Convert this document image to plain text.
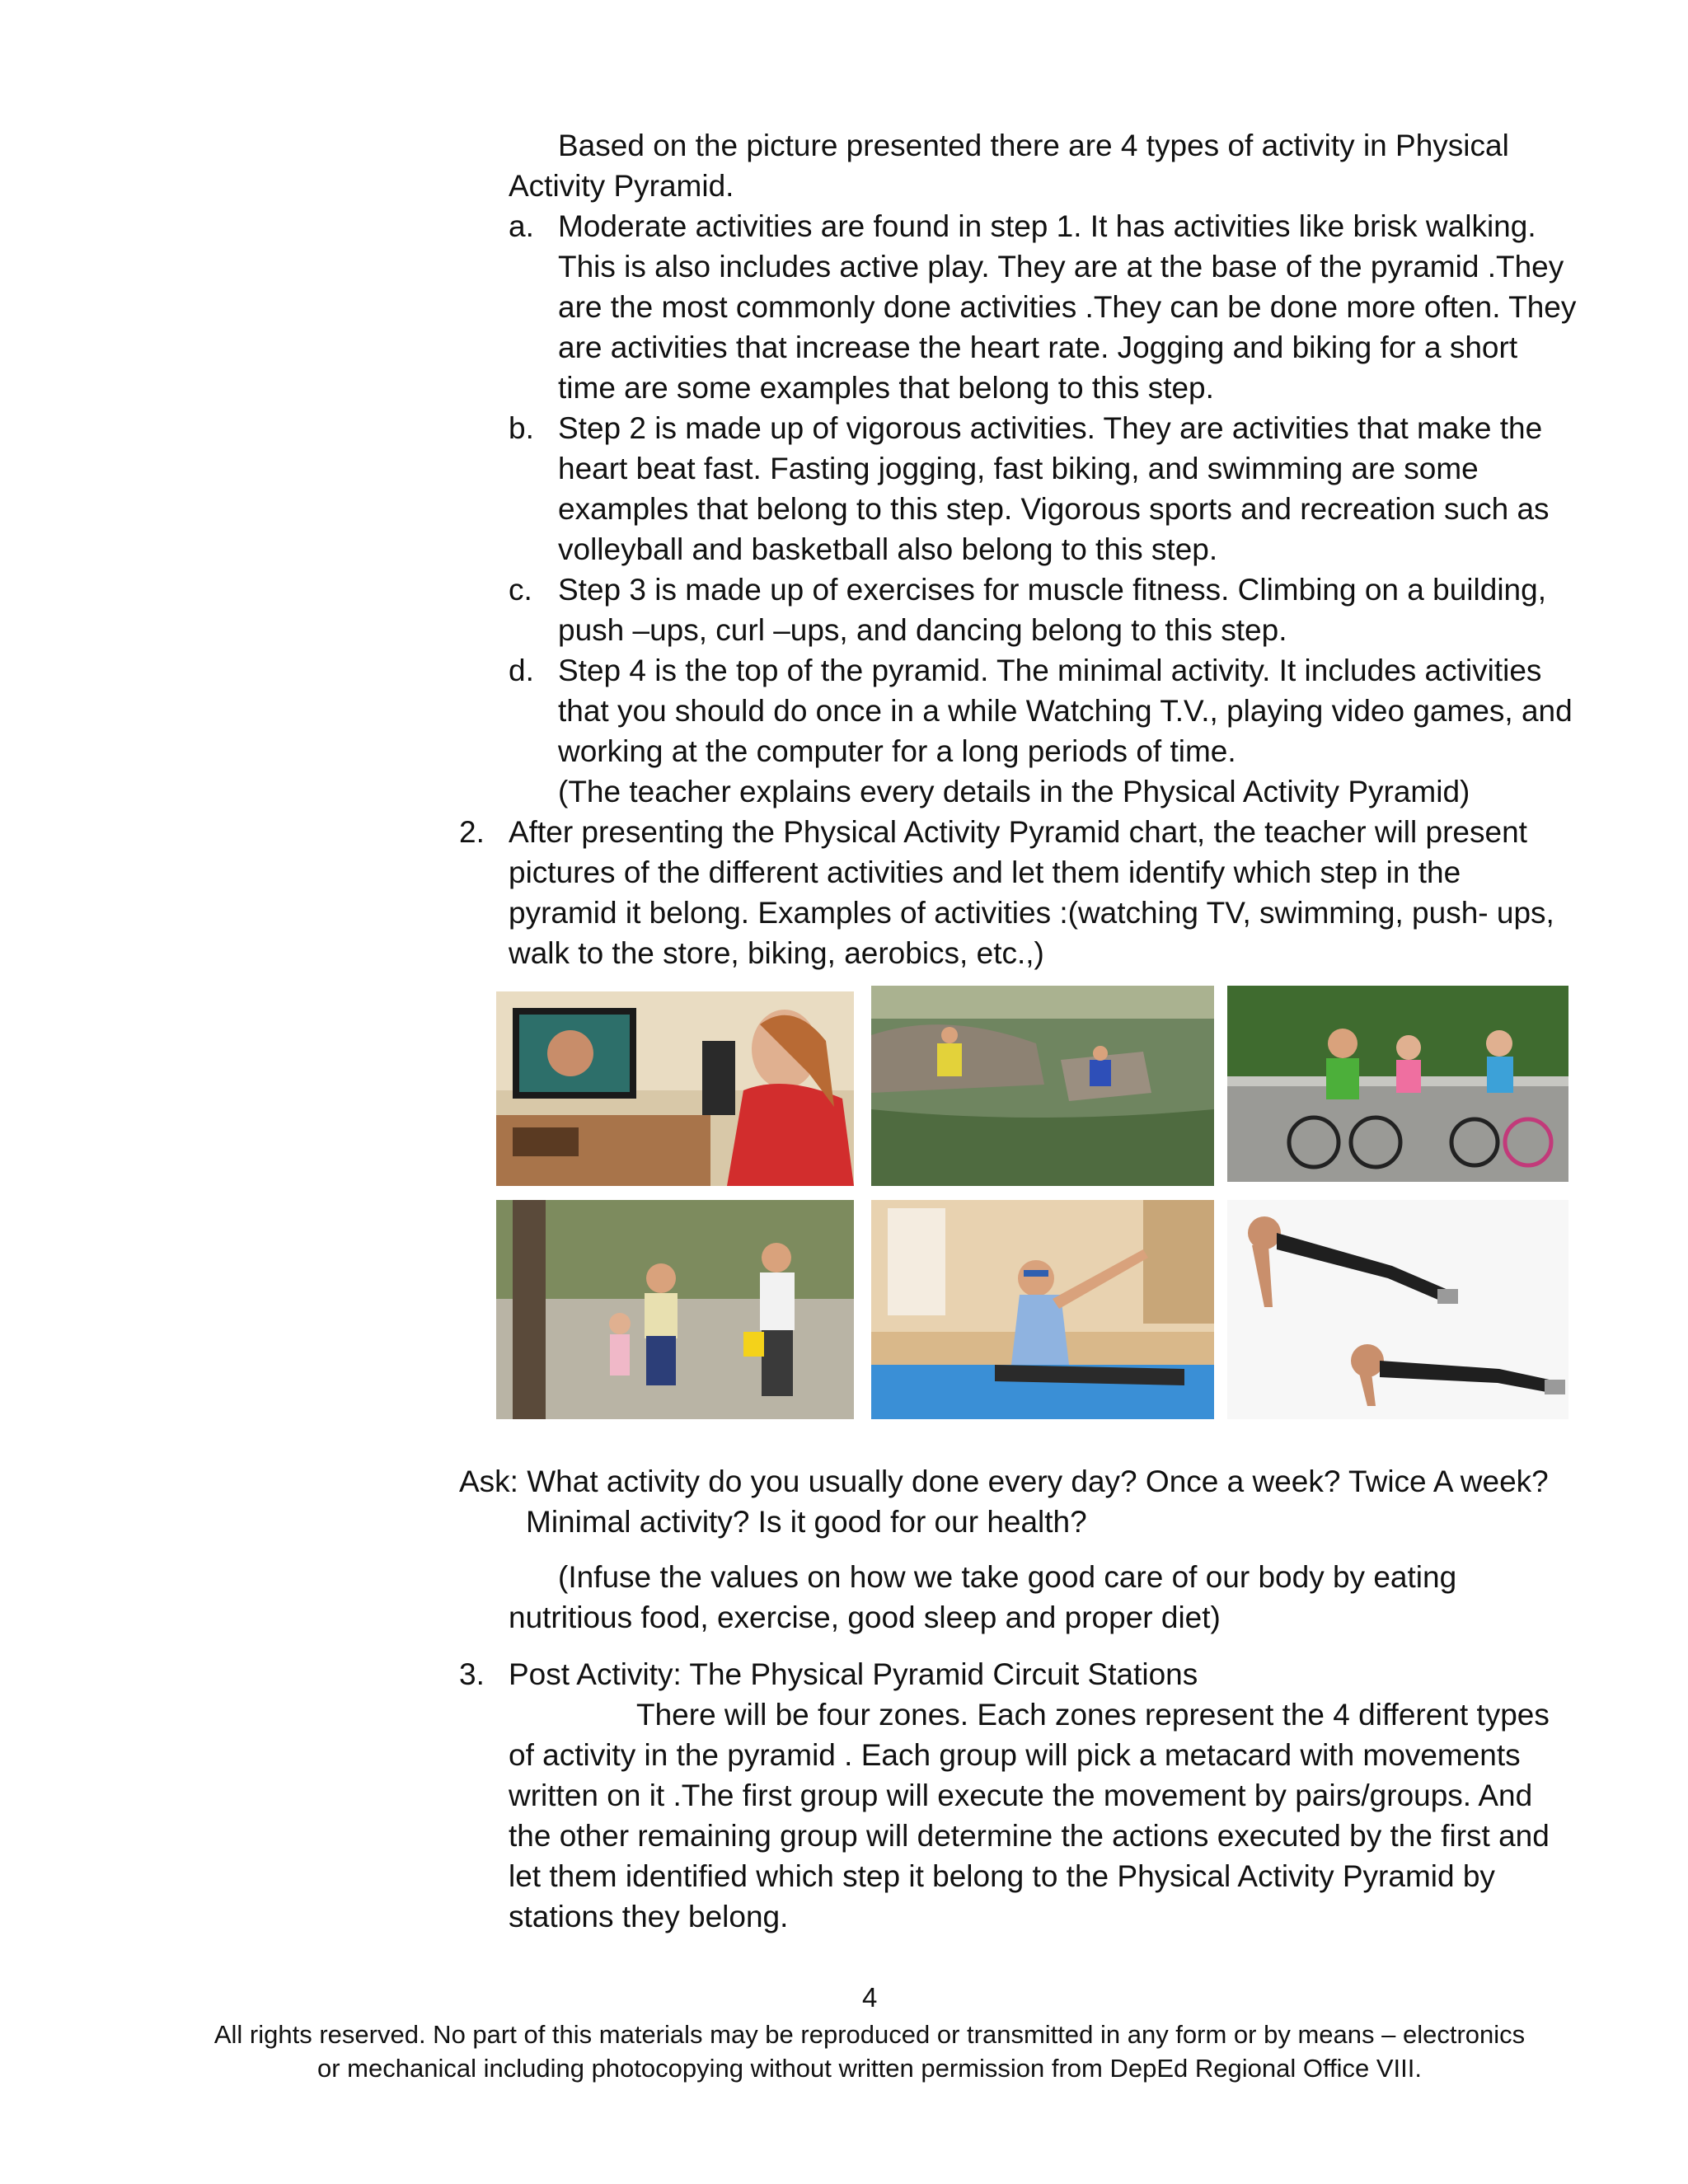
Based on the picture presented there are 4 types of activity in Physical

Activity Pyramid.

a. Moderate activities are found in step 1. It has activities like brisk walking.

This is also includes active play. They are at the base of the pyramid .They

are the most commonly done activities .They can be done more often. They

are activities that increase the heart rate. Jogging and biking for a short

time are some examples that belong to this step.

b. Step 2 is made up of vigorous activities. They are activities that make the

heart beat fast. Fasting jogging, fast biking, and swimming are some

examples that belong to this step. Vigorous sports and recreation such as

volleyball and basketball also belong to this step.

c. Step 3 is made up of exercises for muscle fitness. Climbing on a building,

push –ups, curl –ups, and dancing belong to this step.

d. Step 4 is the top of the pyramid. The minimal activity. It includes activities

that you should do once in a while Watching T.V., playing video games, and

working at the computer for a long periods of time.

(The teacher explains every details in the Physical Activity Pyramid)

2. After presenting the Physical Activity Pyramid chart, the teacher will present

pictures of the different activities and let them identify which step in the

pyramid it belong. Examples of activities :(watching TV, swimming, push- ups,

walk to the store, biking, aerobics, etc.,)

Ask: What activity do you usually done every day? Once a week? Twice A week?

Minimal activity? Is it good for our health?

(Infuse the values on how we take good care of our body by eating

nutritious food, exercise, good sleep and proper diet)

3. Post Activity: The Physical Pyramid Circuit Stations

There will be four zones. Each zones represent the 4 different types

of activity in the pyramid . Each group will pick a metacard with movements

written on it .The first group will execute the movement by pairs/groups. And

the other remaining group will determine the actions executed by the first and

let them identified which step it belong to the Physical Activity Pyramid by

stations they belong.

4
All rights reserved. No part of this materials may be reproduced or transmitted in any form or by means – electronics
or mechanical including photocopying without written permission from DepEd Regional Office VIII.
